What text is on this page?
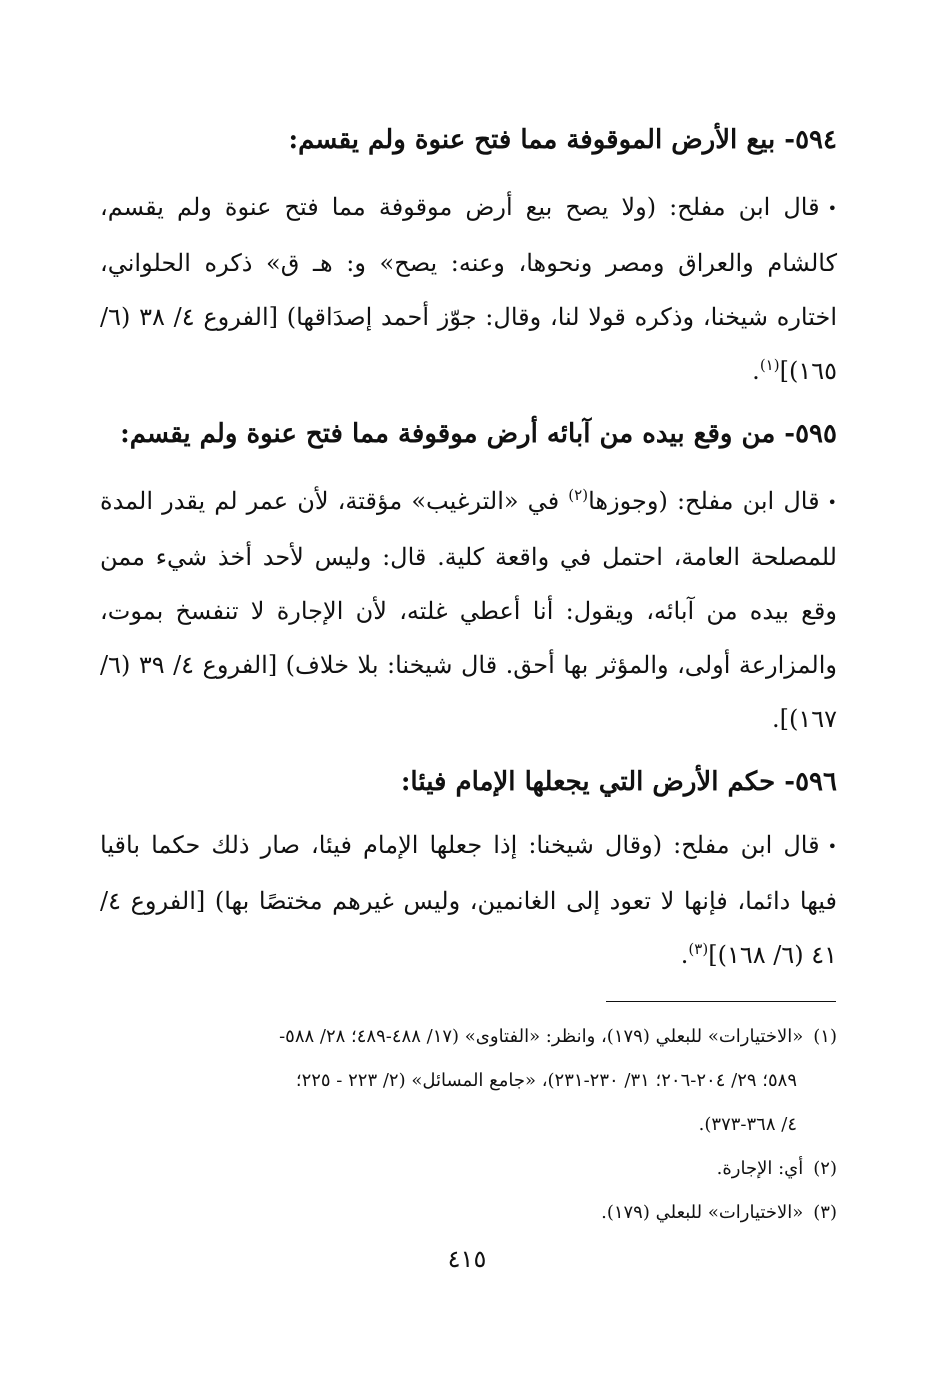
٥٩٤- بيع الأرض الموقوفة مما فتح عنوة ولم يقسم:

•قال ابن مفلح: (ولا يصح بيع أرض موقوفة مما فتح عنوة ولم يقسم، كالشام والعراق ومصر ونحوها، وعنه: يصح» و: هـ ق» ذكره الحلواني، اختاره شيخنا، وذكره قولا لنا، وقال: جوّز أحمد إصدَاقها) [الفروع ٤/ ٣٨ (٦/ ١٦٥)]$^{(١)}$.

٥٩٥- من وقع بيده من آبائه أرض موقوفة مما فتح عنوة ولم يقسم:

•قال ابن مفلح: (وجوزها$^{(٢)}$ في «الترغيب» مؤقتة، لأن عمر لم يقدر المدة للمصلحة العامة، احتمل في واقعة كلية. قال: وليس لأحد أخذ شيء ممن وقع بيده من آبائه، ويقول: أنا أعطي غلته، لأن الإجارة لا تنفسخ بموت، والمزارعة أولى، والمؤثر بها أحق. قال شيخنا: بلا خلاف) [الفروع ٤/ ٣٩ (٦/ ١٦٧)].

٥٩٦- حكم الأرض التي يجعلها الإمام فيئا:

•قال ابن مفلح: (وقال شيخنا: إذا جعلها الإمام فيئا، صار ذلك حكما باقيا فيها دائما، فإنها لا تعود إلى الغانمين، وليس غيرهم مختصًا بها) [الفروع ٤/ ٤١ (٦/ ١٦٨)]$^{(٣)}$.

(١)«الاختيارات» للبعلي (١٧٩)، وانظر: «الفتاوى» (١٧/ ٤٨٨-٤٨٩؛ ٢٨/ ٥٨٨-

٥٨٩؛ ٢٩/ ٢٠٤-٢٠٦؛ ٣١/ ٢٣٠-٢٣١)، «جامع المسائل» (٢/ ٢٢٣ - ٢٢٥؛

٤/ ٣٦٨-٣٧٣).

(٢)أي: الإجارة.

(٣)«الاختيارات» للبعلي (١٧٩).

٤١٥
